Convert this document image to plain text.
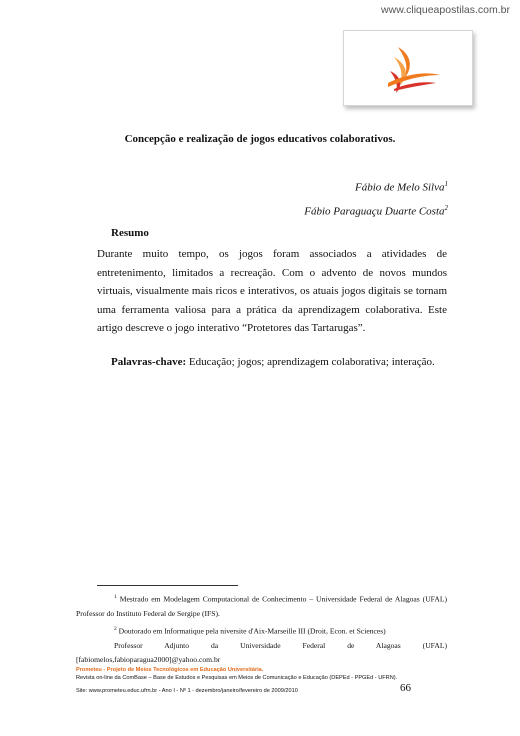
www.cliqueapostilas.com.br
Concepção e realização de jogos educativos colaborativos.
Fábio de Melo Silva$^1$
Fábio Paraguaçu Duarte Costa$^2$
Resumo

Durante muito tempo, os jogos foram associados a atividades de entretenimento, limitados a recreação. Com o advento de novos mundos virtuais, visualmente mais ricos e interativos, os atuais jogos digitais se tornam uma ferramenta valiosa para a prática da aprendizagem colaborativa. Este artigo descreve o jogo interativo “Protetores das Tartarugas”.

Palavras-chave: Educação; jogos; aprendizagem colaborativa; interação.

$^1$ Mestrado em Modelagem Computacional de Conhecimento – Universidade Federal de Alagoas (UFAL) Professor do Instituto Federal de Sergipe (IFS).

$^2$ Doutorado em Informatique pela niversite d'Aix-Marseille III (Droit, Econ. et Sciences)

Professor Adjunto da Universidade Federal de Alagoas (UFAL)

[fabiomelos,fabioparagua2000]@yahoo.com.br

Prometeu - Projeto de Meios Tecnológicos em Educação Universitária.
Revista on-line da ComBase – Base de Estudos e Pesquisas em Meios de Comunicação e Educação (DEPEd - PPGEd - UFRN).
Site: www.prometeu.educ.ufrn.br - Ano I - Nº 1 - dezembro/janeiro/fevereiro de 2009/2010	66
